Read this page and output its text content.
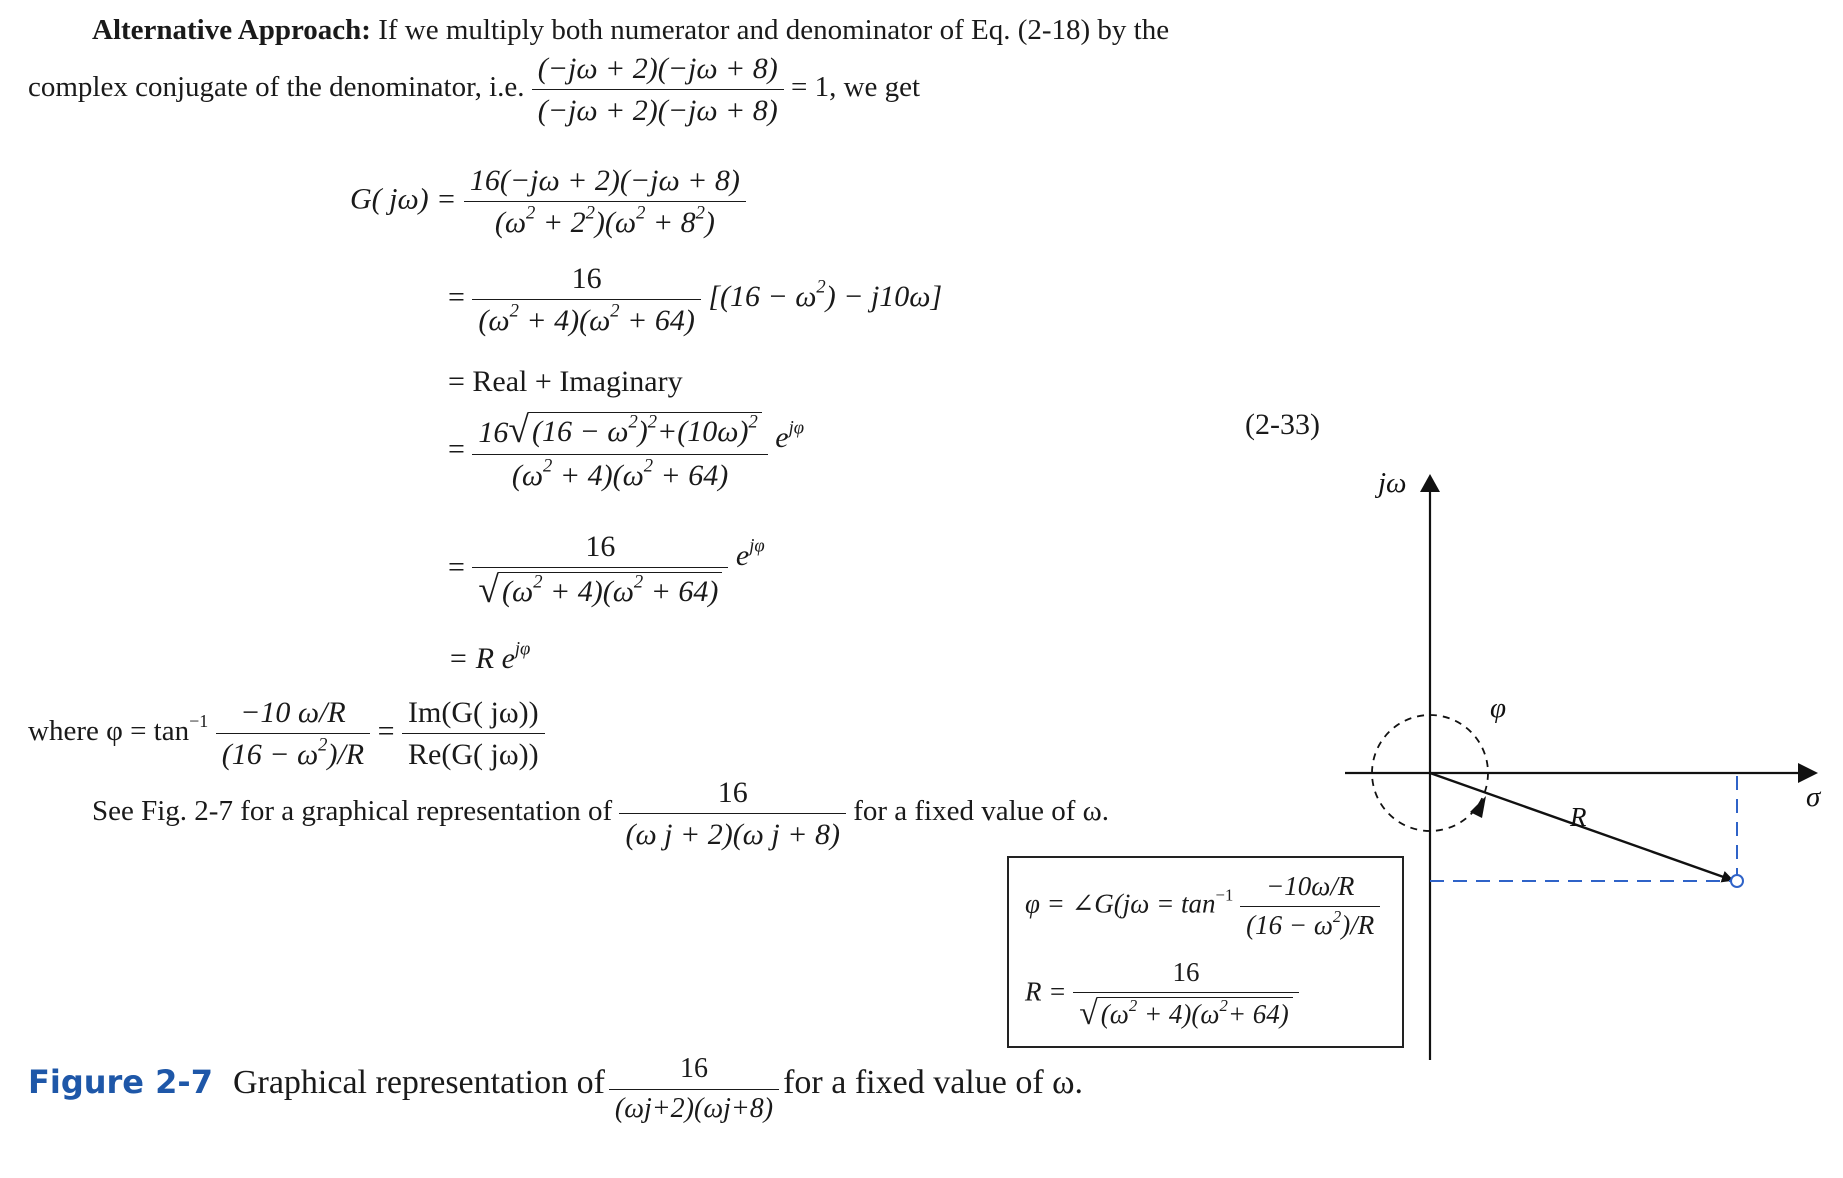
Alternative Approach: If we multiply both numerator and denominator of Eq. (2-18) by the
complex conjugate of the denominator, i.e. $\frac{(-j\omega + 2)(-j\omega + 8)}{(-j\omega + 2)(-j\omega + 8)} = 1$, we get
G( $j\omega) = \frac{16(-j\omega + 2)(-j\omega + 8)}{(\omega^2 + 2^2)(\omega^2 + 8^2)}$
= $\frac{16}{(\omega^2 + 4)(\omega^2 + 64)} [(16 - \omega^2) - j10\omega]$
= Real + Imaginary
(2-33)
= $\frac{16 √ (16 - \omega^2)^2+(10\omega)^2}{(\omega^2 + 4)(\omega^2 + 64)} e^{j\varphi}$
= $\frac{16}{√ (\omega^2 + 4)(\omega^2 + 64)} e^{j\varphi}$
= R $e^{j\varphi}$
where $\varphi = \tan^{-1} \frac{-10 \omega/R}{(16 - \omega^2)/R} = \frac{Im(G( j\omega))}{Re(G( j\omega))}$
See Fig. 2-7 for a graphical representation of $\frac{16}{\text{(ω j + 2)(ω j + 8)}}$ for a fixed value of ω.
φ = ∠G(jω = $\tan^{-1} \frac{-10\omega/R}{(16 - \omega^2)/R}$
$R = \frac{16}{√ (\omega^2 + 4)(\omega^2+ 64)}$
jω
σ
φ
R
Figure 2-7 Graphical representation of $\frac{16}{(\omega j+2)(\omega j+8)}$ for a fixed value of ω.
